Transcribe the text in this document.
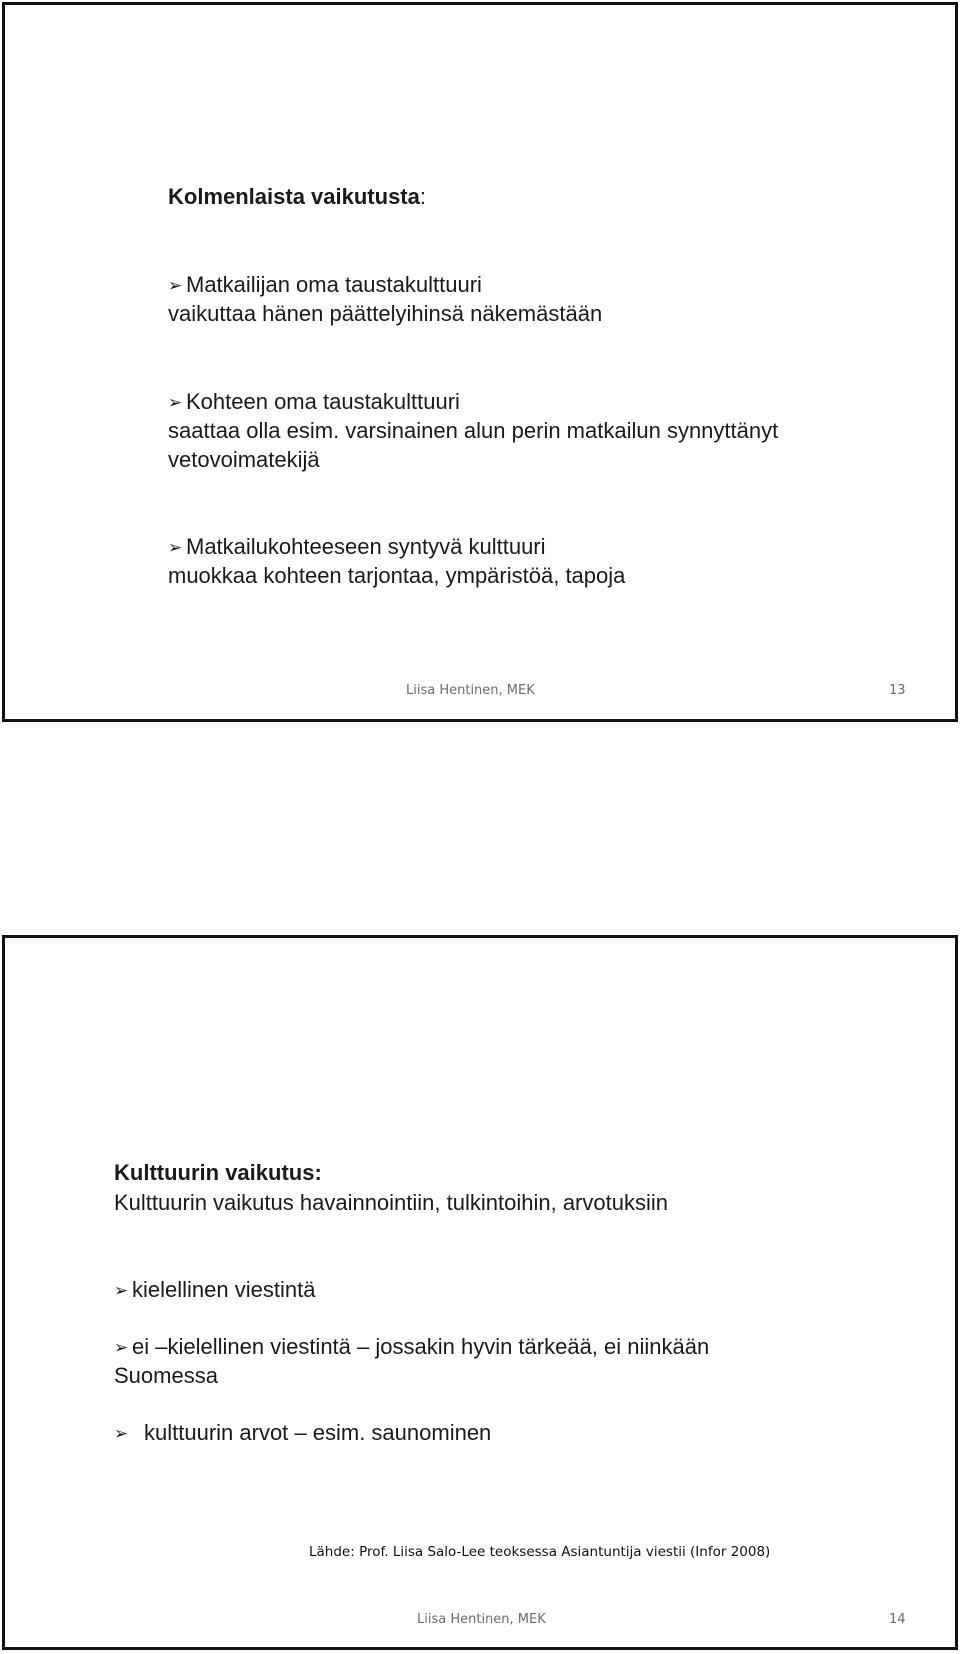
Kolmenlaista vaikutusta:
➢ Matkailijan oma taustakulttuuri
vaikuttaa hänen päättelyihinsä näkemästään
➢ Kohteen oma taustakulttuuri
saattaa olla esim. varsinainen alun perin matkailun synnyttänyt
vetovoimatekijä
➢ Matkailukohteeseen syntyvä kulttuuri
muokkaa kohteen tarjontaa, ympäristöä, tapoja
Liisa Hentinen, MEK	13
Kulttuurin vaikutus:
Kulttuurin vaikutus havainnointiin, tulkintoihin, arvotuksiin
➢ kielellinen viestintä
➢ ei –kielellinen viestintä – jossakin hyvin tärkeää, ei niinkään
Suomessa
➢ kulttuurin arvot – esim. saunominen
Lähde: Prof. Liisa Salo-Lee teoksessa Asiantuntija viestii (Infor 2008)
Liisa Hentinen, MEK	14
